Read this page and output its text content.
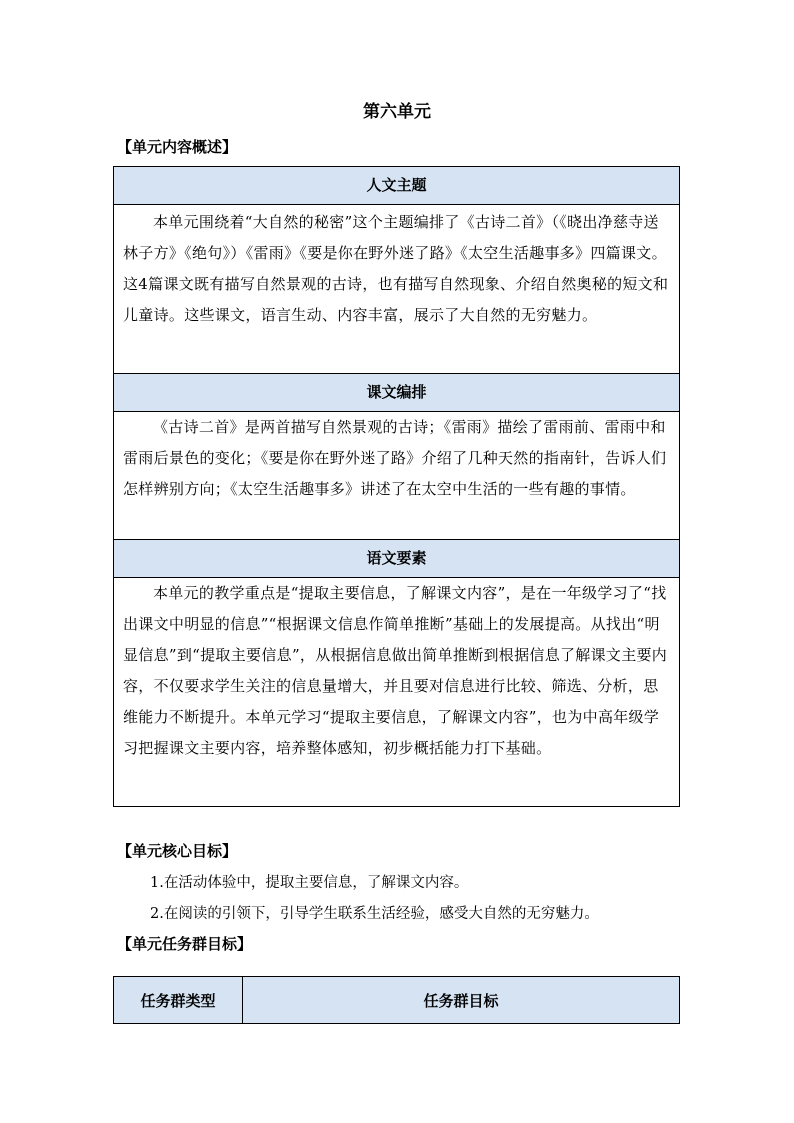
第六单元
【单元内容概述】
人文主题
本单元围绕着“大自然的秘密”这个主题编排了《古诗二首》（《晓出净慈寺送林子方》《绝句》）《雷雨》《要是你在野外迷了路》《太空生活趣事多》四篇课文。这4篇课文既有描写自然景观的古诗，也有描写自然现象、介绍自然奥秘的短文和儿童诗。这些课文，语言生动、内容丰富，展示了大自然的无穷魅力。
课文编排
《古诗二首》是两首描写自然景观的古诗；《雷雨》描绘了雷雨前、雷雨中和雷雨后景色的变化；《要是你在野外迷了路》介绍了几种天然的指南针，告诉人们怎样辨别方向；《太空生活趣事多》讲述了在太空中生活的一些有趣的事情。
语文要素
本单元的教学重点是“提取主要信息，了解课文内容”，是在一年级学习了“找出课文中明显的信息”“根据课文信息作简单推断”基础上的发展提高。从找出“明显信息”到“提取主要信息”，从根据信息做出简单推断到根据信息了解课文主要内容，不仅要求学生关注的信息量增大，并且要对信息进行比较、筛选、分析，思维能力不断提升。本单元学习“提取主要信息，了解课文内容”，也为中高年级学习把握课文主要内容，培养整体感知，初步概括能力打下基础。
【单元核心目标】
1.在活动体验中，提取主要信息，了解课文内容。
2.在阅读的引领下，引导学生联系生活经验，感受大自然的无穷魅力。
【单元任务群目标】
任务群类型	任务群目标
